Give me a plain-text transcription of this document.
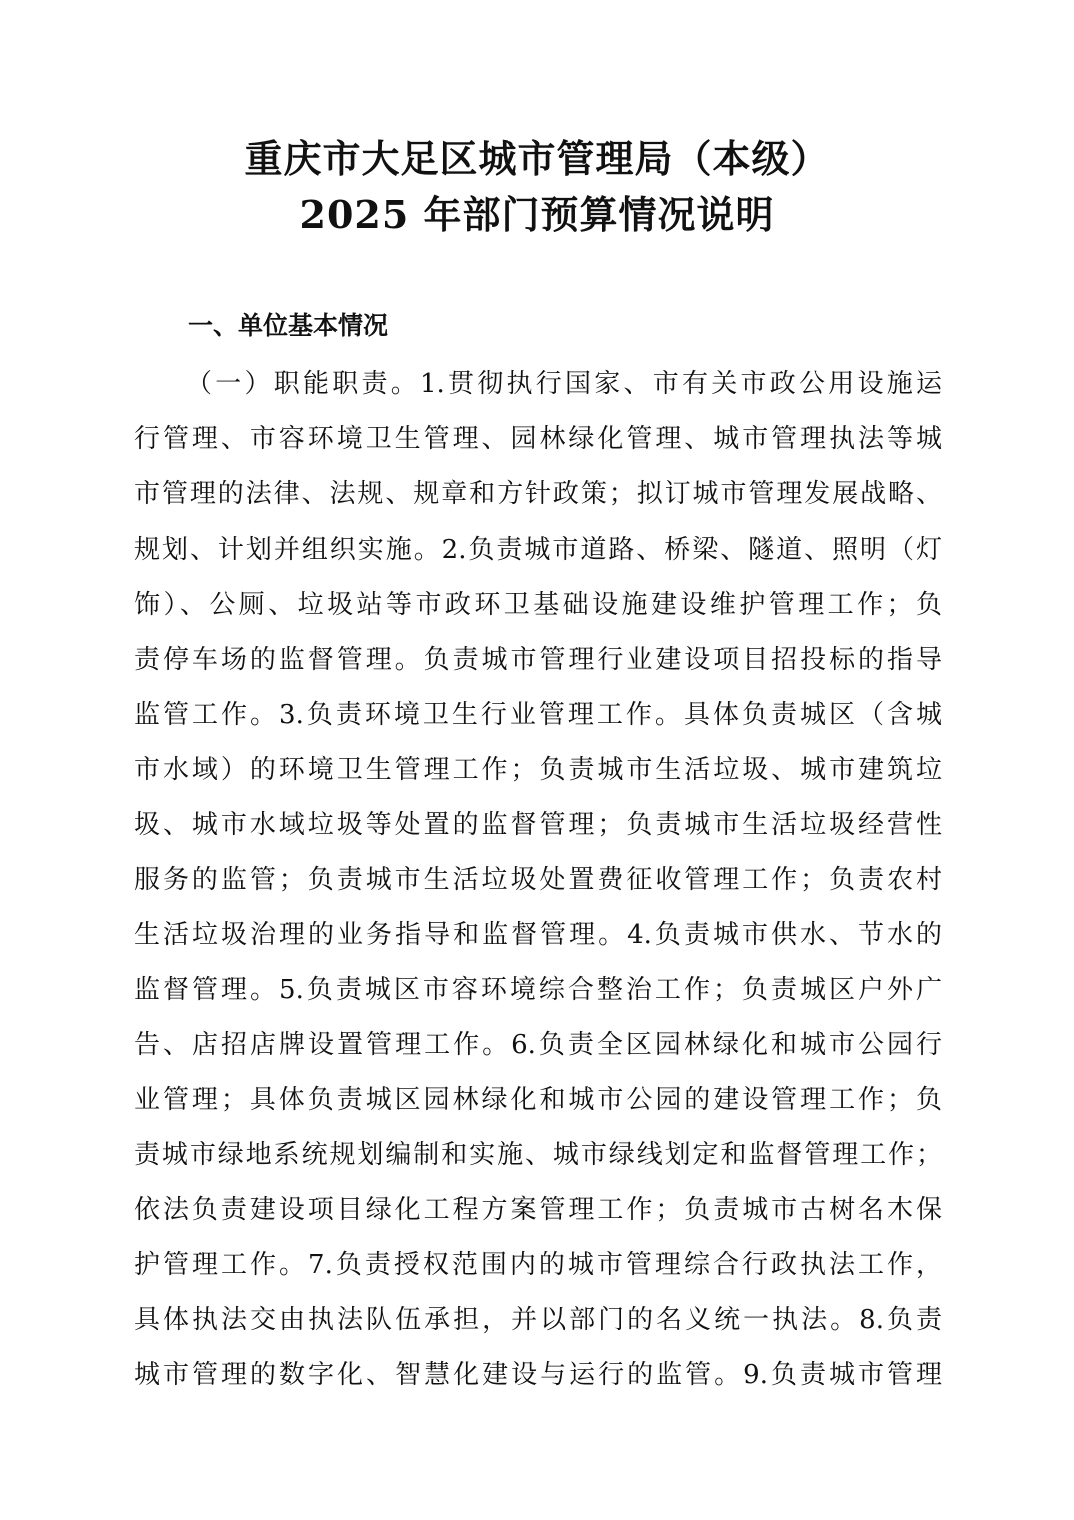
重庆市大足区城市管理局（本级）
2025 年部门预算情况说明
一、单位基本情况
（一）职能职责。1.贯彻执行国家、市有关市政公用设施运
行管理、市容环境卫生管理、园林绿化管理、城市管理执法等城
市管理的法律、法规、规章和方针政策；拟订城市管理发展战略、
规划、计划并组织实施。2.负责城市道路、桥梁、隧道、照明（灯
饰）、公厕、垃圾站等市政环卫基础设施建设维护管理工作；负
责停车场的监督管理。负责城市管理行业建设项目招投标的指导
监管工作。3.负责环境卫生行业管理工作。具体负责城区（含城
市水域）的环境卫生管理工作；负责城市生活垃圾、城市建筑垃
圾、城市水域垃圾等处置的监督管理；负责城市生活垃圾经营性
服务的监管；负责城市生活垃圾处置费征收管理工作；负责农村
生活垃圾治理的业务指导和监督管理。4.负责城市供水、节水的
监督管理。5.负责城区市容环境综合整治工作；负责城区户外广
告、店招店牌设置管理工作。6.负责全区园林绿化和城市公园行
业管理；具体负责城区园林绿化和城市公园的建设管理工作；负
责城市绿地系统规划编制和实施、城市绿线划定和监督管理工作；
依法负责建设项目绿化工程方案管理工作；负责城市古树名木保
护管理工作。7.负责授权范围内的城市管理综合行政执法工作，
具体执法交由执法队伍承担，并以部门的名义统一执法。8.负责
城市管理的数字化、智慧化建设与运行的监管。9.负责城市管理
